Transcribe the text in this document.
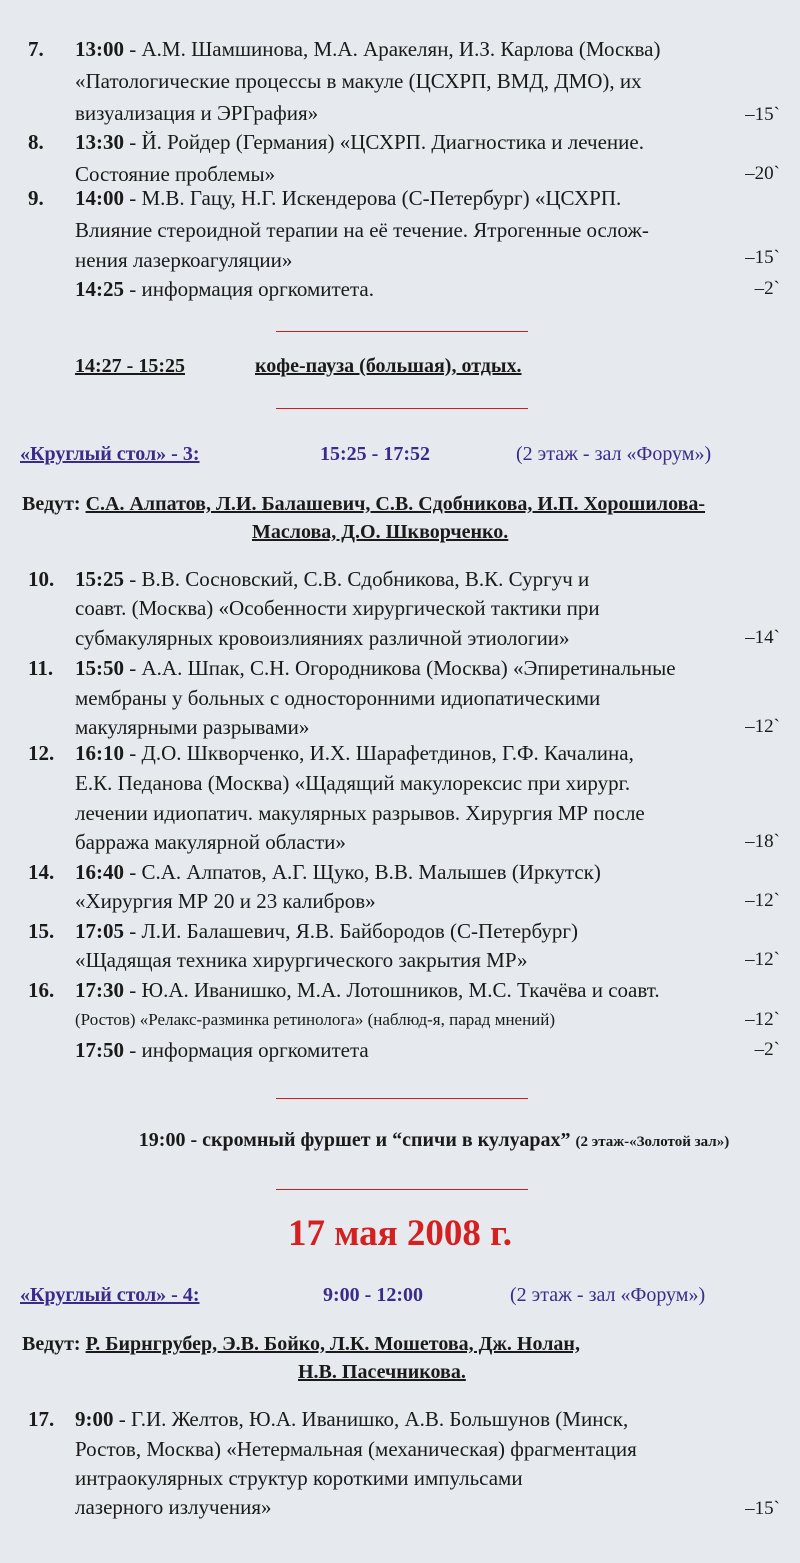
7. 13:00 - А.М. Шамшинова, М.А. Аракелян, И.З. Карлова (Москва)
«Патологические процессы в макуле (ЦСХРП, ВМД, ДМО), их
визуализация и ЭРГрафия»	–15`
8. 13:30 - Й. Ройдер (Германия) «ЦСХРП. Диагностика и лечение.
Состояние проблемы»	–20`
9. 14:00 - М.В. Гацу, Н.Г. Искендерова (С-Петербург) «ЦСХРП.
Влияние стероидной терапии на её течение. Ятрогенные ослож-
нения лазеркоагуляции»	–15`
14:25 - информация оргкомитета.	–2`
14:27 - 15:25	кофе-пауза (большая), отдых.
«Круглый стол» - 3:	15:25 - 17:52	(2 этаж - зал «Форум»)
Ведут: С.А. Алпатов, Л.И. Балашевич, С.В. Сдобникова, И.П. Хорошилова-
Маслова, Д.О. Шкворченко.
10. 15:25 - В.В. Сосновский, С.В. Сдобникова, В.К. Сургуч и
соавт. (Москва) «Особенности хирургической тактики при
субмакулярных кровоизлияниях различной этиологии»	–14`
11. 15:50 - А.А. Шпак, С.Н. Огородникова (Москва) «Эпиретинальные
мембраны у больных с односторонними идиопатическими
макулярными разрывами»	–12`
12. 16:10 - Д.О. Шкворченко, И.Х. Шарафетдинов, Г.Ф. Качалина,
Е.К. Педанова (Москва) «Щадящий макулорексис при хирург.
лечении идиопатич. макулярных разрывов. Хирургия МР после
барража макулярной области»	–18`
14. 16:40 - С.А. Алпатов, А.Г. Щуко, В.В. Малышев (Иркутск)
«Хирургия МР 20 и 23 калибров»	–12`
15. 17:05 - Л.И. Балашевич, Я.В. Байбородов (С-Петербург)
«Щадящая техника хирургического закрытия МР»	–12`
16. 17:30 - Ю.А. Иванишко, М.А. Лотошников, М.С. Ткачёва и соавт.
(Ростов) «Релакс-разминка ретинолога» (наблюд-я, парад мнений)	–12`
17:50 - информация оргкомитета	–2`
19:00 - скромный фуршет и “спичи в кулуарах” (2 этаж-«Золотой зал»)
17 мая 2008 г.
«Круглый стол» - 4:	9:00 - 12:00	(2 этаж - зал «Форум»)
Ведут: Р. Бирнгрубер, Э.В. Бойко, Л.К. Мошетова, Дж. Нолан,
Н.В. Пасечникова.
17. 9:00 - Г.И. Желтов, Ю.А. Иванишко, А.В. Большунов (Минск,
Ростов, Москва) «Нетермальная (механическая) фрагментация
интраокулярных структур короткими импульсами
лазерного излучения»	–15`
